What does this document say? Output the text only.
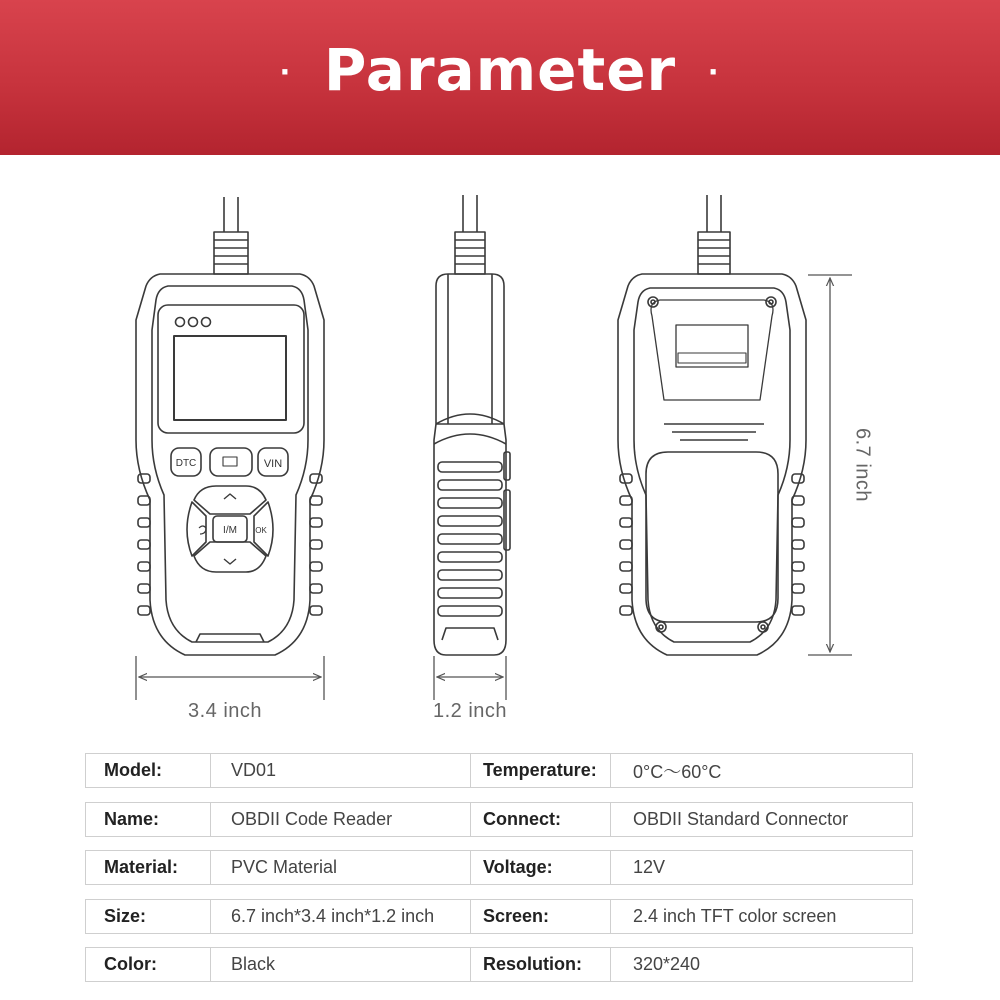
· Parameter ·
DTC	VIN
I/M OK
3.4 inch	1.2 inch
6.7 inch
Model:	VD01	Temperature:	0°C～60°C
Name:	OBDII Code Reader	Connect:	OBDII Standard Connector
Material:	PVC Material	Voltage:	12V
Size:	6.7 inch*3.4 inch*1.2 inch	Screen:	2.4 inch TFT color screen
Color:	Black	Resolution:	320*240
